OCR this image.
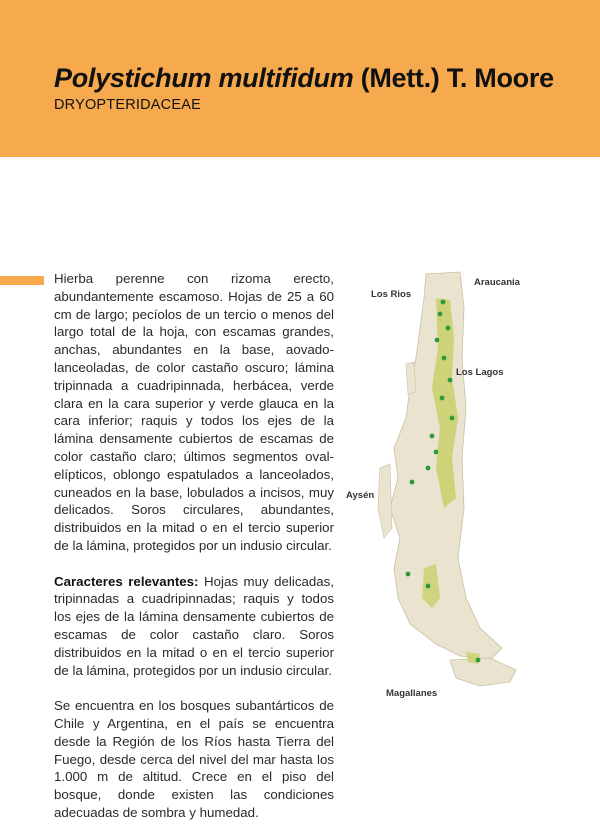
Polystichum multifidum (Mett.) T. Moore
DRYOPTERIDACEAE

Hierba perenne con rizoma erecto, abundantemente escamoso. Hojas de 25 a 60 cm de largo; pecíolos de un tercio o menos del largo total de la hoja, con escamas grandes, anchas, abundantes en la base, aovado-lanceoladas, de color castaño oscuro; lámina tripinnada a cuadripinnada, herbácea, verde clara en la cara superior y verde glauca en la cara inferior; raquis y todos los ejes de la lámina densamente cubiertos de escamas de color castaño claro; últimos segmentos oval-elípticos, oblongo espatulados a lanceolados, cuneados en la base, lobulados a incisos, muy delicados. Soros circulares, abundantes, distribuidos en la mitad o en el tercio superior de la lámina, protegidos por un indusio circular.

Caracteres relevantes: Hojas muy delicadas, tripinnadas a cuadripinnadas; raquis y todos los ejes de la lámina densamente cubiertos de escamas de color castaño claro. Soros distribuidos en la mitad o en el tercio superior de la lámina, protegidos por un indusio circular.

Se encuentra en los bosques subantárticos de Chile y Argentina, en el país se encuentra desde la Región de los Ríos hasta Tierra del Fuego, desde cerca del nivel del mar hasta los 1.000 m de altitud. Crece en el piso del bosque, donde existen las condiciones adecuadas de sombra y humedad.

Araucania
Los Rios
Los Lagos
Aysén
Magallanes
